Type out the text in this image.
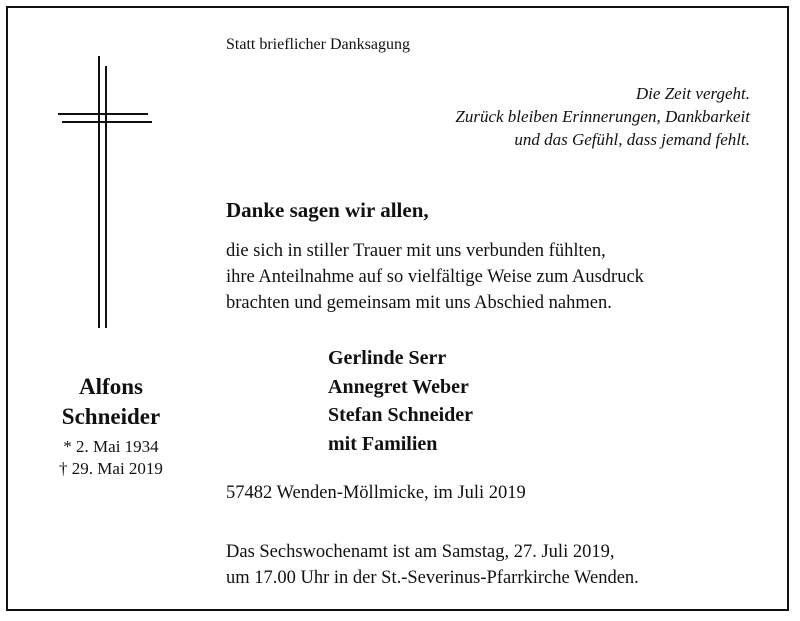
Alfons
Schneider
* 2. Mai 1934
† 29. Mai 2019
Statt brieflicher Danksagung
Die Zeit vergeht.
Zurück bleiben Erinnerungen, Dankbarkeit
und das Gefühl, dass jemand fehlt.
Danke sagen wir allen,
die sich in stiller Trauer mit uns verbunden fühlten,
ihre Anteilnahme auf so vielfältige Weise zum Ausdruck
brachten und gemeinsam mit uns Abschied nahmen.
Gerlinde Serr
Annegret Weber
Stefan Schneider
mit Familien
57482 Wenden-Möllmicke, im Juli 2019
Das Sechswochenamt ist am Samstag, 27. Juli 2019,
um 17.00 Uhr in der St.-Severinus-Pfarrkirche Wenden.
